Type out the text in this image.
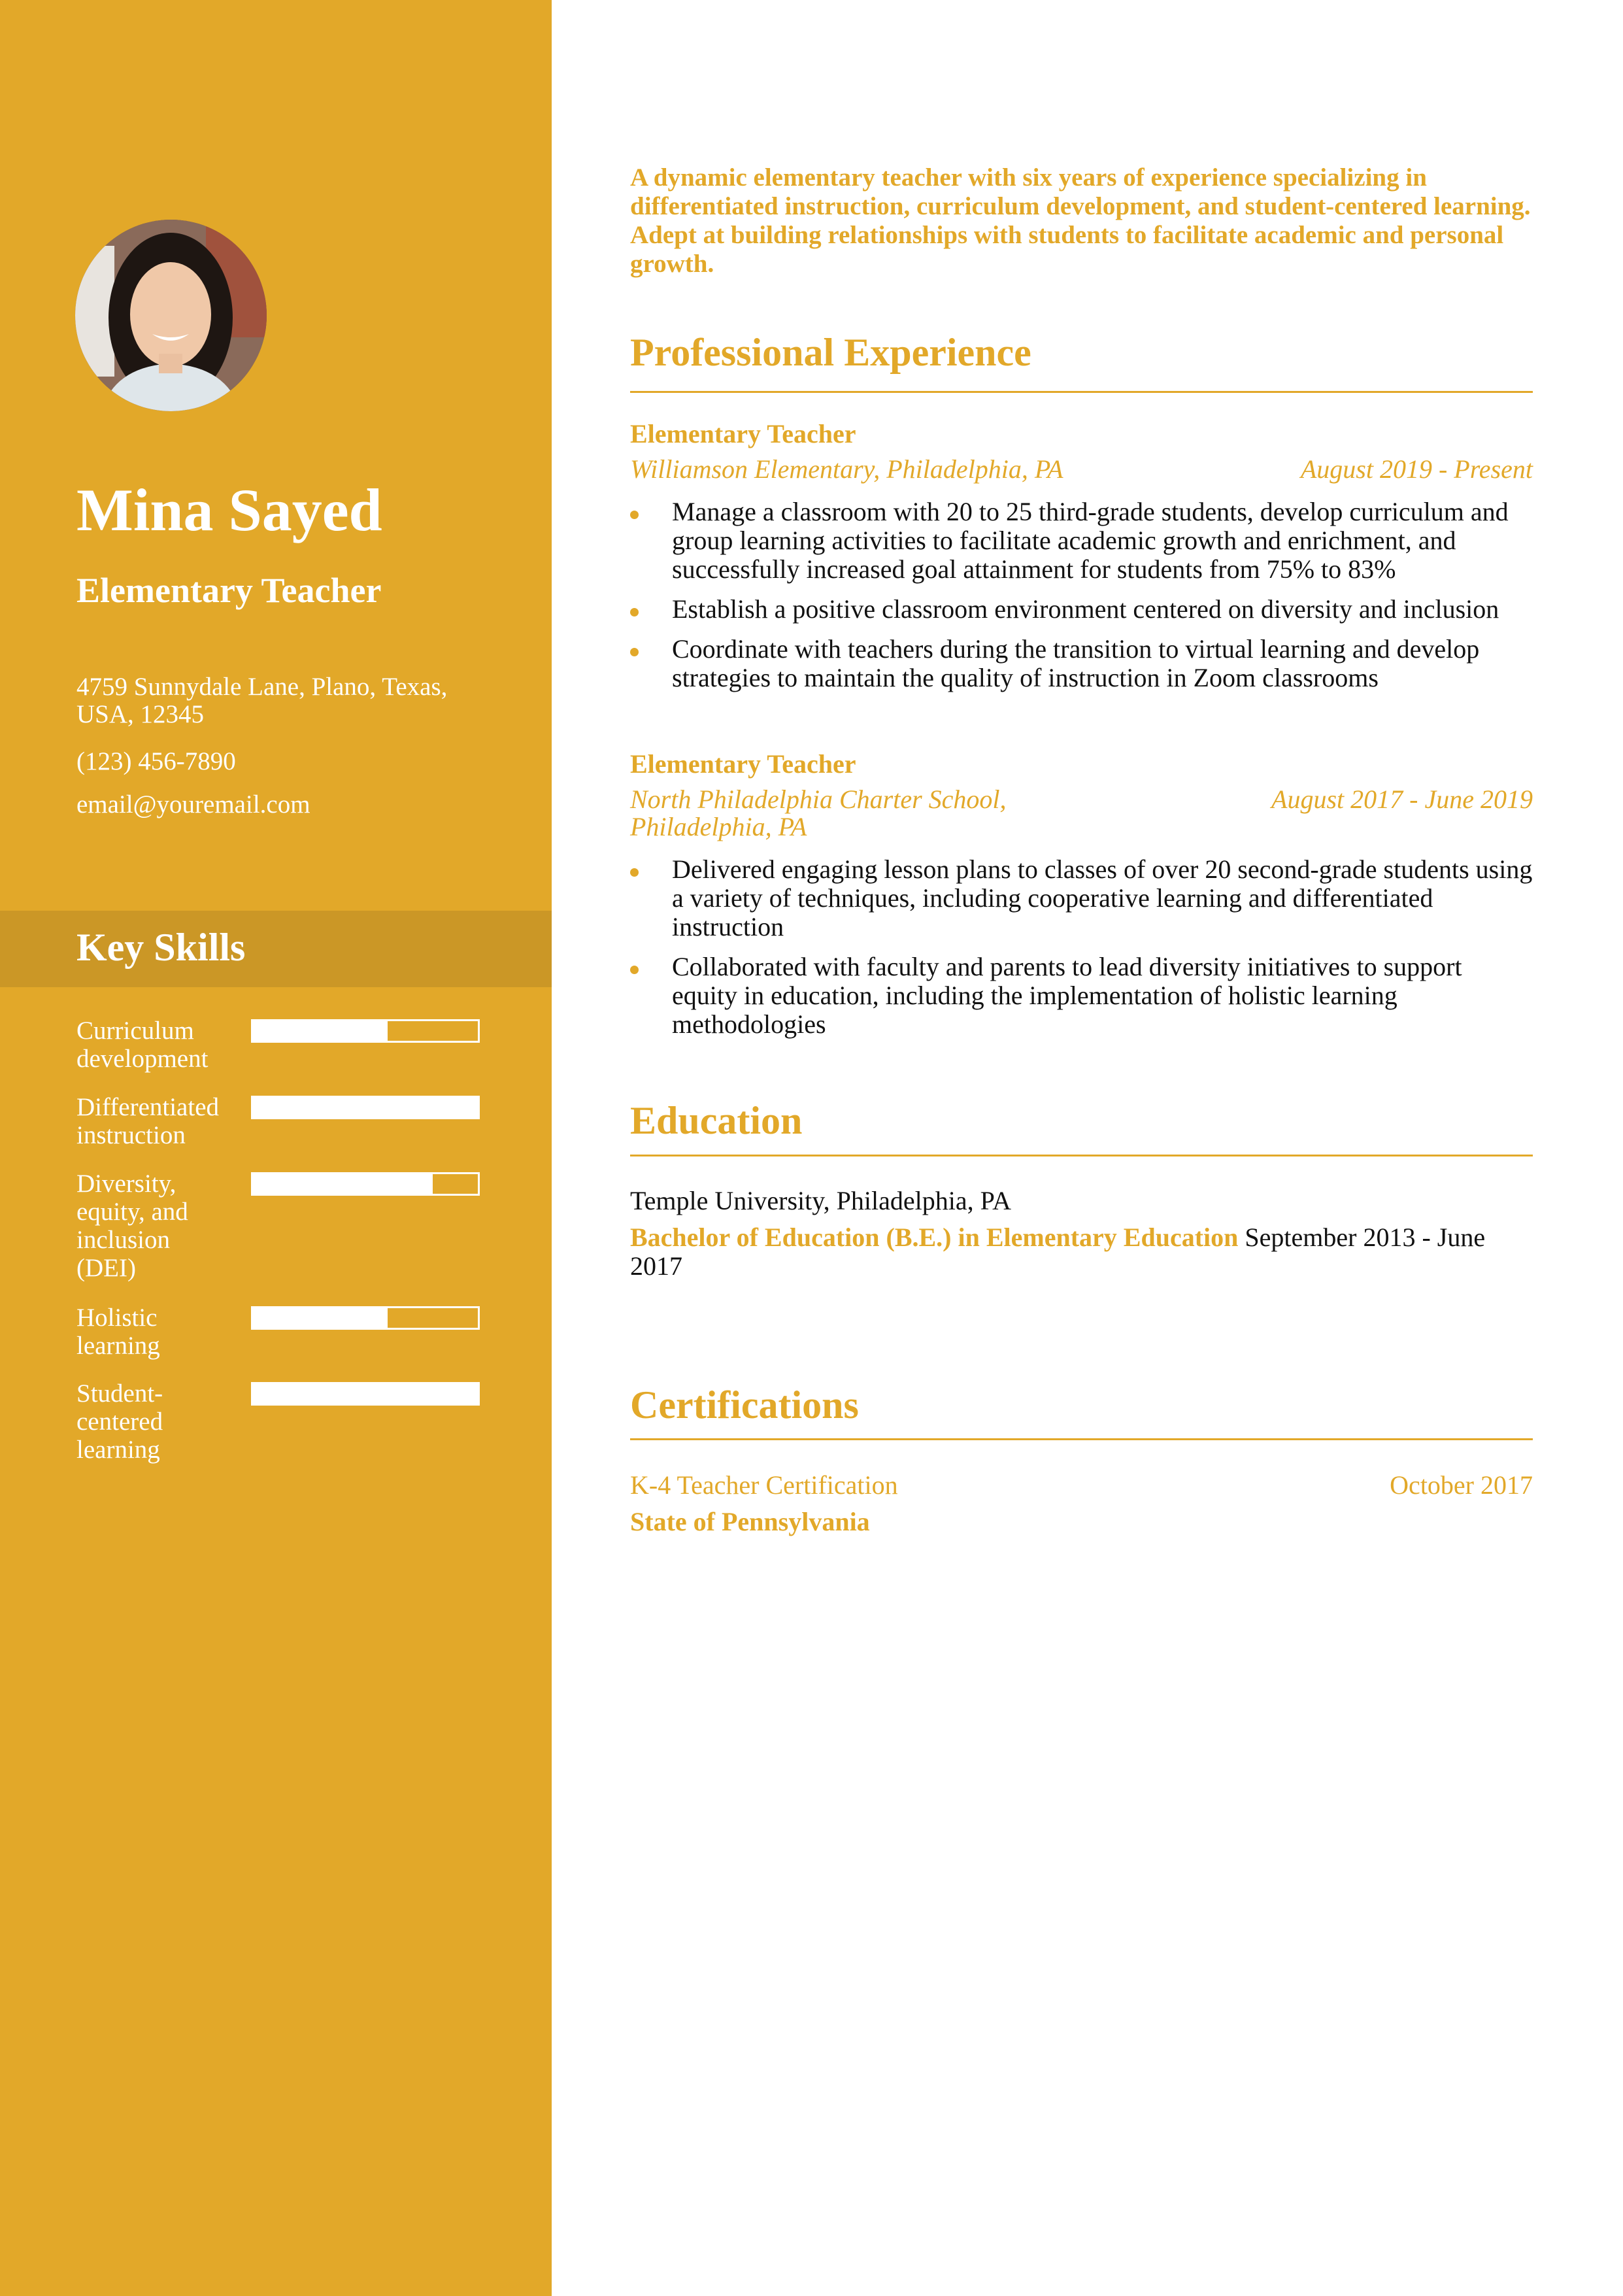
Mina Sayed
Elementary Teacher
4759 Sunnydale Lane, Plano, Texas, USA, 12345
(123) 456-7890
email@youremail.com
Key Skills
Curriculum development
Differentiated instruction
Diversity, equity, and inclusion (DEI)
Holistic learning
Student-centered learning
A dynamic elementary teacher with six years of experience specializing in differentiated instruction, curriculum development, and student-centered learning. Adept at building relationships with students to facilitate academic and personal growth.
Professional Experience
Elementary Teacher
Williamson Elementary, Philadelphia, PA	August 2019 - Present
Manage a classroom with 20 to 25 third-grade students, develop curriculum and group learning activities to facilitate academic growth and enrichment, and successfully increased goal attainment for students from 75% to 83%
Establish a positive classroom environment centered on diversity and inclusion
Coordinate with teachers during the transition to virtual learning and develop strategies to maintain the quality of instruction in Zoom classrooms
Elementary Teacher
North Philadelphia Charter School, Philadelphia, PA
August 2017 - June 2019
Delivered engaging lesson plans to classes of over 20 second-grade students using a variety of techniques, including cooperative learning and differentiated instruction
Collaborated with faculty and parents to lead diversity initiatives to support equity in education, including the implementation of holistic learning methodologies
Education
Temple University, Philadelphia, PA
Bachelor of Education (B.E.) in Elementary Education September 2013 - June 2017
Certifications
K-4 Teacher Certification	October 2017
State of Pennsylvania
